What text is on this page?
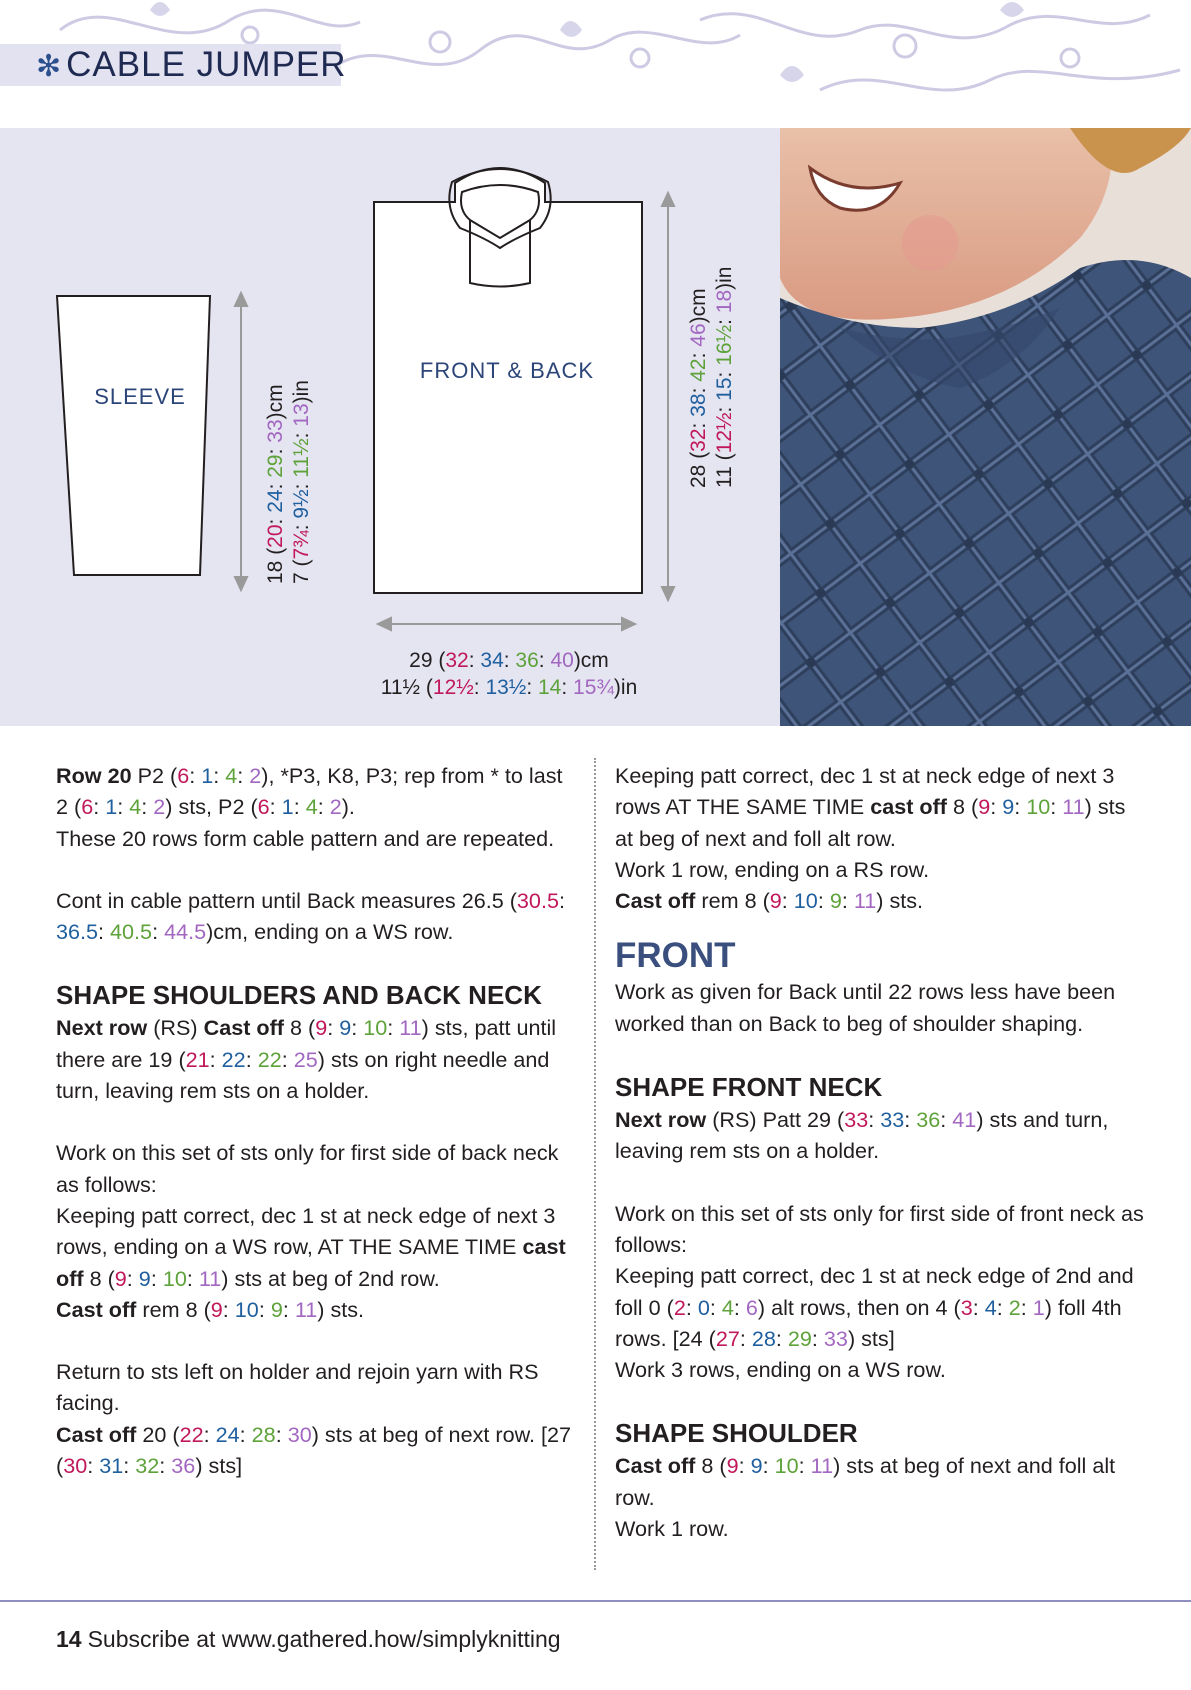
✻ CABLE JUMPER
SLEEVE
18 (20: 24: 29: 33)cm
7 (7¾: 9½: 11½: 13)in
FRONT & BACK
28 (32: 38: 42: 46)cm
11 (12½: 15: 16½: 18)in
29 (32: 34: 36: 40)cm
11½ (12½: 13½: 14: 15¾)in

Row 20 P2 (6: 1: 4: 2), *P3, K8, P3; rep from * to last 2 (6: 1: 4: 2) sts, P2 (6: 1: 4: 2).
These 20 rows form cable pattern and are repeated.

Cont in cable pattern until Back measures 26.5 (30.5: 36.5: 40.5: 44.5)cm, ending on a WS row.

SHAPE SHOULDERS AND BACK NECK

Next row (RS) Cast off 8 (9: 9: 10: 11) sts, patt until there are 19 (21: 22: 22: 25) sts on right needle and turn, leaving rem sts on a holder.

Work on this set of sts only for first side of back neck as follows:
Keeping patt correct, dec 1 st at neck edge of next 3 rows, ending on a WS row, AT THE SAME TIME cast off 8 (9: 9: 10: 11) sts at beg of 2nd row.
Cast off rem 8 (9: 10: 9: 11) sts.

Return to sts left on holder and rejoin yarn with RS facing.
Cast off 20 (22: 24: 28: 30) sts at beg of next row. [27 (30: 31: 32: 36) sts]

Keeping patt correct, dec 1 st at neck edge of next 3 rows AT THE SAME TIME cast off 8 (9: 9: 10: 11) sts at beg of next and foll alt row.
Work 1 row, ending on a RS row.
Cast off rem 8 (9: 10: 9: 11) sts.

FRONT

Work as given for Back until 22 rows less have been worked than on Back to beg of shoulder shaping.

SHAPE FRONT NECK

Next row (RS) Patt 29 (33: 33: 36: 41) sts and turn, leaving rem sts on a holder.

Work on this set of sts only for first side of front neck as follows:
Keeping patt correct, dec 1 st at neck edge of 2nd and foll 0 (2: 0: 4: 6) alt rows, then on 4 (3: 4: 2: 1) foll 4th rows. [24 (27: 28: 29: 33) sts]
Work 3 rows, ending on a WS row.

SHAPE SHOULDER

Cast off 8 (9: 9: 10: 11) sts at beg of next and foll alt row.
Work 1 row.

14 Subscribe at www.gathered.how/simplyknitting
